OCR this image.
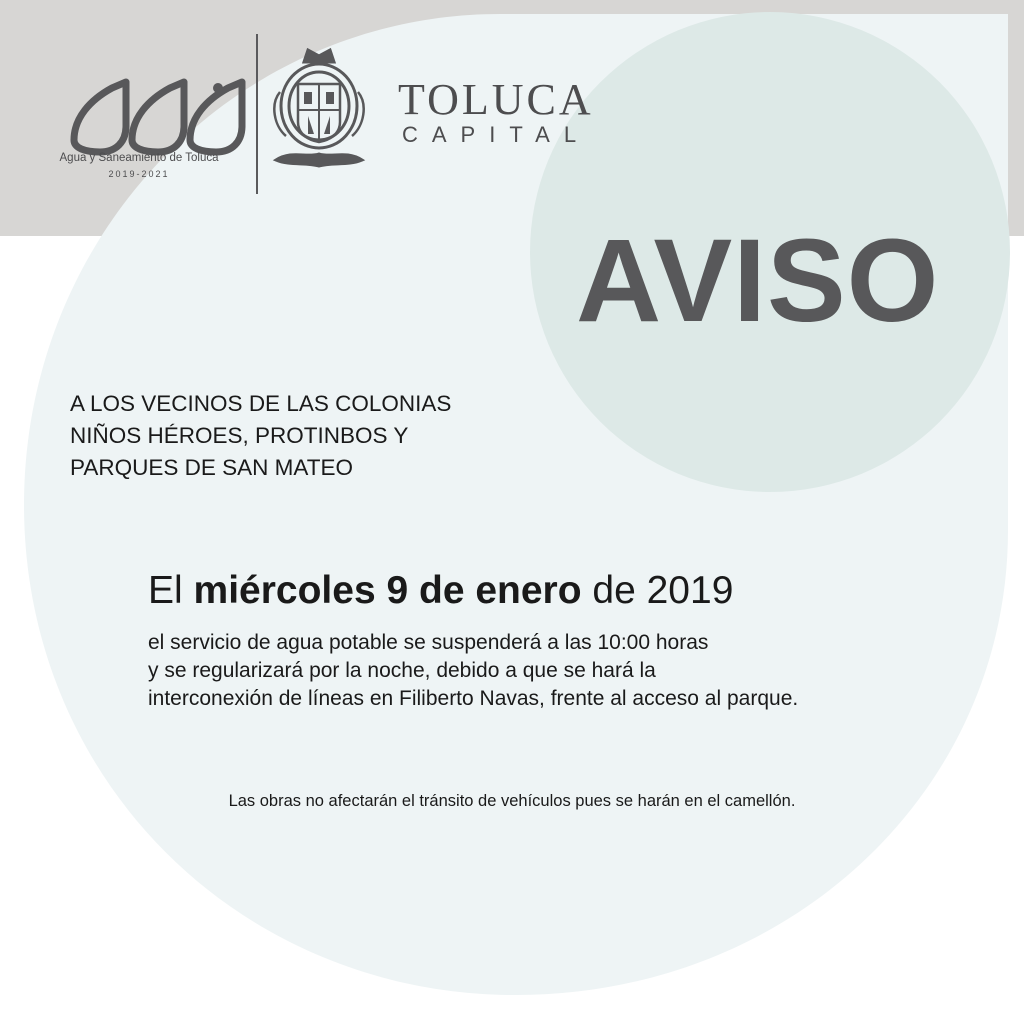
Agua y Saneamiento de Toluca
2019-2021
TOLUCA
CAPITAL
AVISO
A LOS VECINOS DE LAS COLONIAS
NIÑOS HÉROES, PROTINBOS Y
PARQUES DE SAN MATEO
El miércoles 9 de enero de 2019
el servicio de agua potable se suspenderá a las 10:00 horas
y se regularizará por la noche, debido a que se hará la
interconexión de líneas en Filiberto Navas, frente al acceso al parque.
Las obras no afectarán el tránsito de vehículos pues se harán en el camellón.
